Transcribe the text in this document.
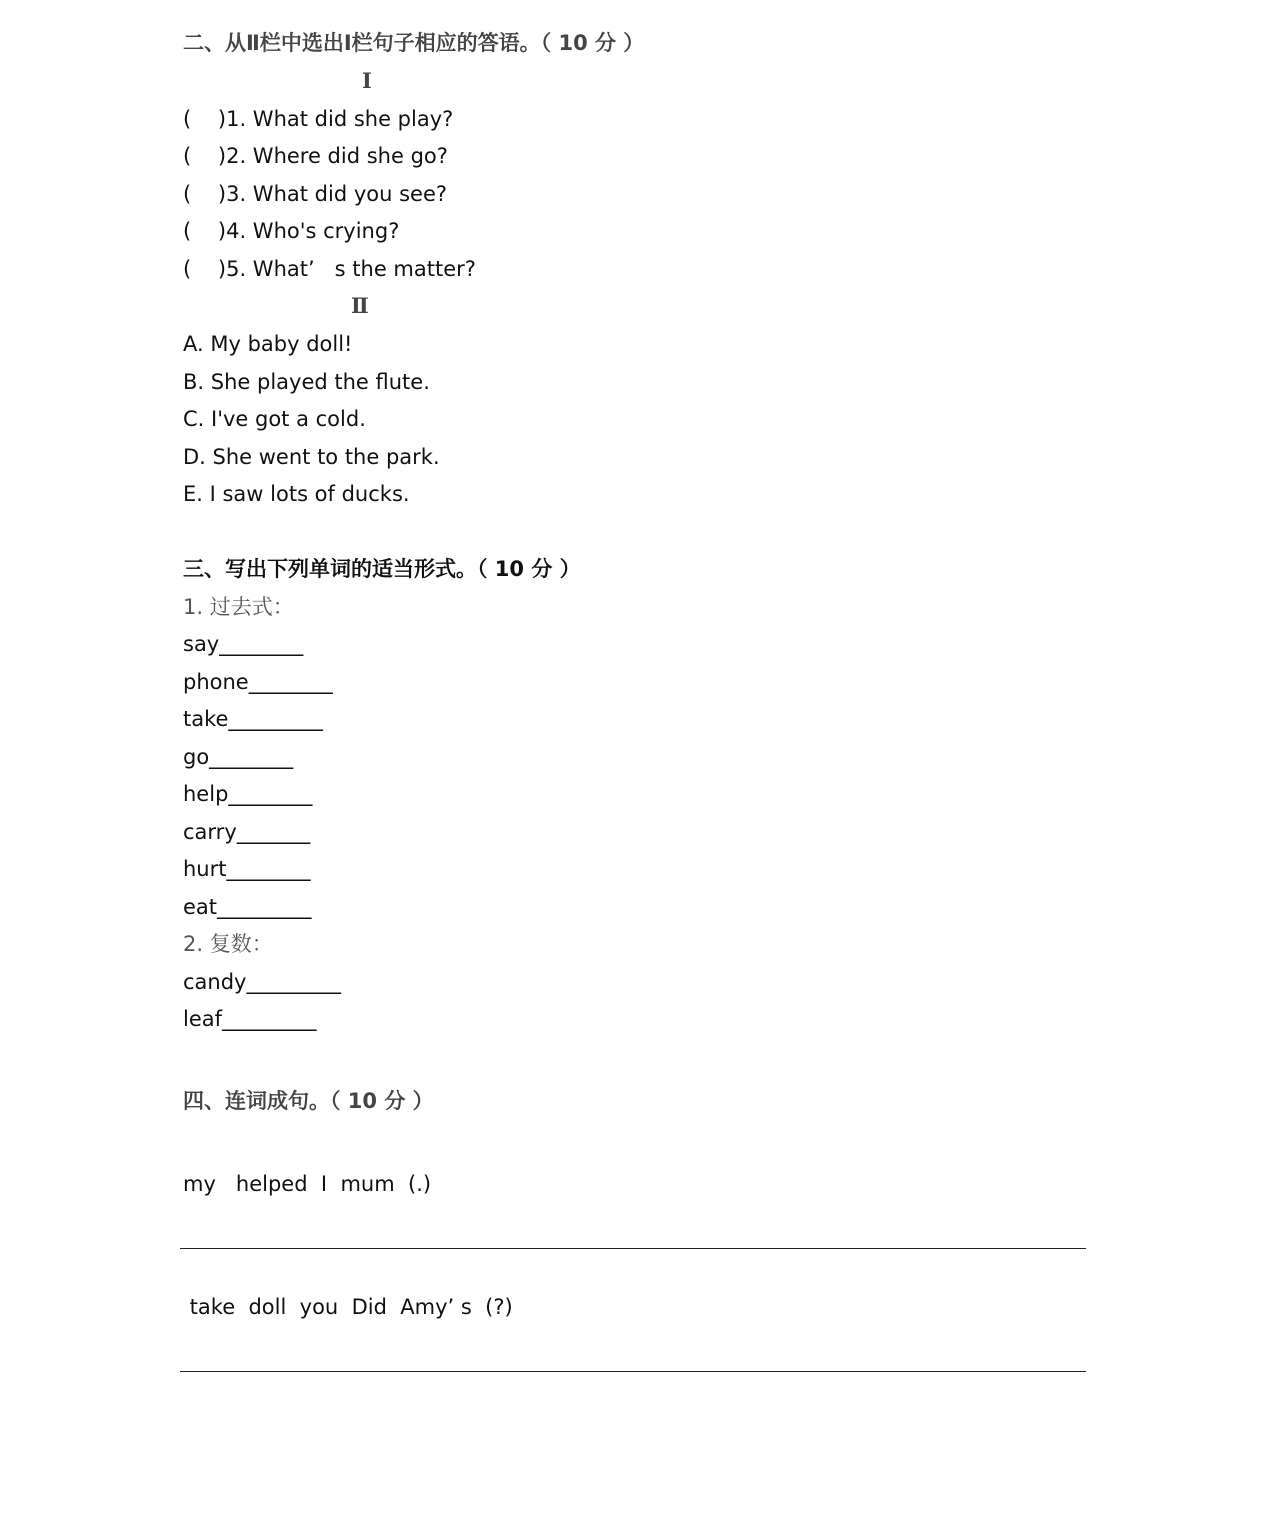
二、从Ⅱ栏中选出Ⅰ栏句子相应的答语。（ 10 分 ）
Ⅰ
(    )1. What did she play?
(    )2. Where did she go?
(    )3. What did you see?
(    )4. Who's crying?
(    )5. What’   s the matter?
Ⅱ
A. My baby doll!
B. She played the flute.
C. I've got a cold.
D. She went to the park.
E. I saw lots of ducks.
三、写出下列单词的适当形式。（ 10 分 ）
1. 过去式：
say________
phone________
take_________
go________
help________
carry_______
hurt________
eat_________
2. 复数：
candy_________
leaf_________
四、连词成句。（ 10 分 ）
my   helped  I  mum  (.)
take  doll  you  Did  Amy’ s  (?)
